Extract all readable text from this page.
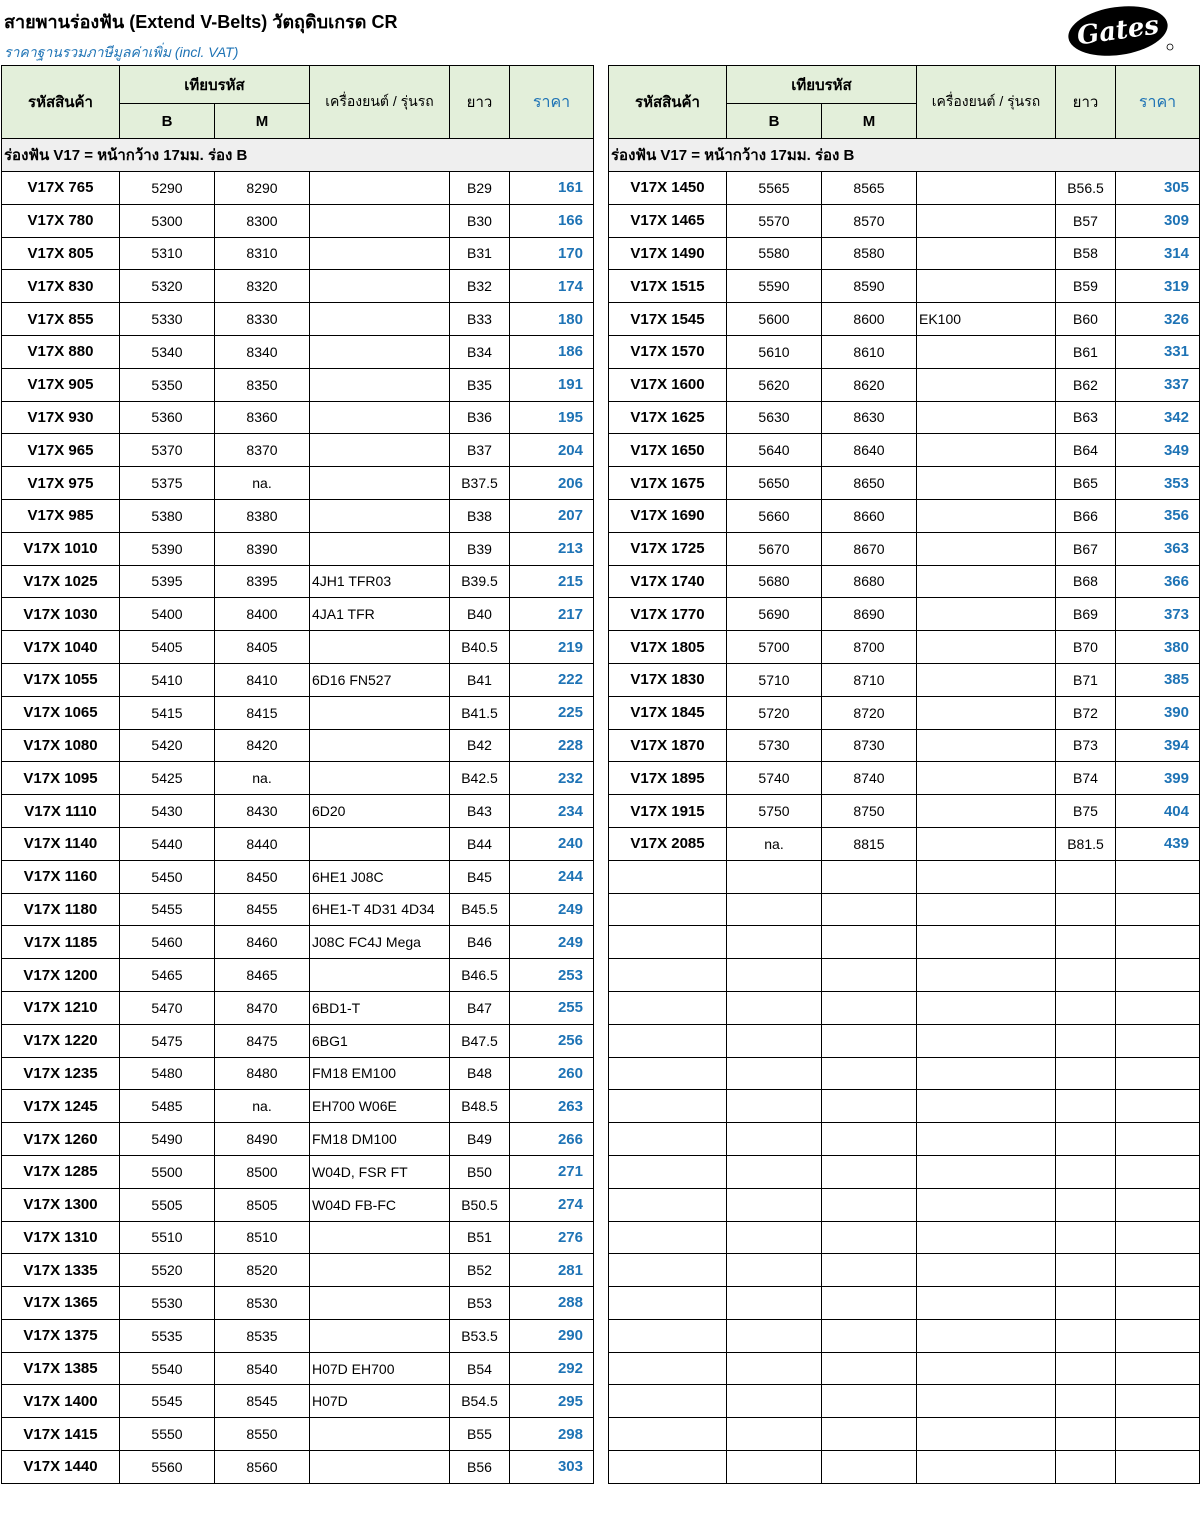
สายพานร่องฟัน (Extend V-Belts) วัตถุดิบเกรด CR
ราคาฐานรวมภาษีมูลค่าเพิ่ม (incl. VAT)
Gates
รหัสสินค้า	เทียบรหัส		เครื่องยนต์ / รุ่นรถ	ยาว	ราคา
	B	M			
ร่องฟัน V17 = หน้ากว้าง 17มม. ร่อง B					
V17X 765	5290	8290		B29	161
V17X 780	5300	8300		B30	166
V17X 805	5310	8310		B31	170
V17X 830	5320	8320		B32	174
V17X 855	5330	8330		B33	180
V17X 880	5340	8340		B34	186
V17X 905	5350	8350		B35	191
V17X 930	5360	8360		B36	195
V17X 965	5370	8370		B37	204
V17X 975	5375	na.		B37.5	206
V17X 985	5380	8380		B38	207
V17X 1010	5390	8390		B39	213
V17X 1025	5395	8395	4JH1 TFR03	B39.5	215
V17X 1030	5400	8400	4JA1 TFR	B40	217
V17X 1040	5405	8405		B40.5	219
V17X 1055	5410	8410	6D16 FN527	B41	222
V17X 1065	5415	8415		B41.5	225
V17X 1080	5420	8420		B42	228
V17X 1095	5425	na.		B42.5	232
V17X 1110	5430	8430	6D20	B43	234
V17X 1140	5440	8440		B44	240
V17X 1160	5450	8450	6HE1 J08C	B45	244
V17X 1180	5455	8455	6HE1-T 4D31 4D34	B45.5	249
V17X 1185	5460	8460	J08C FC4J Mega	B46	249
V17X 1200	5465	8465		B46.5	253
V17X 1210	5470	8470	6BD1-T	B47	255
V17X 1220	5475	8475	6BG1	B47.5	256
V17X 1235	5480	8480	FM18 EM100	B48	260
V17X 1245	5485	na.	EH700 W06E	B48.5	263
V17X 1260	5490	8490	FM18 DM100	B49	266
V17X 1285	5500	8500	W04D, FSR FT	B50	271
V17X 1300	5505	8505	W04D FB-FC	B50.5	274
V17X 1310	5510	8510		B51	276
V17X 1335	5520	8520		B52	281
V17X 1365	5530	8530		B53	288
V17X 1375	5535	8535		B53.5	290
V17X 1385	5540	8540	H07D EH700	B54	292
V17X 1400	5545	8545	H07D	B54.5	295
V17X 1415	5550	8550		B55	298
V17X 1440	5560	8560		B56	303
รหัสสินค้า	เทียบรหัส		เครื่องยนต์ / รุ่นรถ	ยาว	ราคา
	B	M			
ร่องฟัน V17 = หน้ากว้าง 17มม. ร่อง B					
V17X 1450	5565	8565		B56.5	305
V17X 1465	5570	8570		B57	309
V17X 1490	5580	8580		B58	314
V17X 1515	5590	8590		B59	319
V17X 1545	5600	8600	EK100	B60	326
V17X 1570	5610	8610		B61	331
V17X 1600	5620	8620		B62	337
V17X 1625	5630	8630		B63	342
V17X 1650	5640	8640		B64	349
V17X 1675	5650	8650		B65	353
V17X 1690	5660	8660		B66	356
V17X 1725	5670	8670		B67	363
V17X 1740	5680	8680		B68	366
V17X 1770	5690	8690		B69	373
V17X 1805	5700	8700		B70	380
V17X 1830	5710	8710		B71	385
V17X 1845	5720	8720		B72	390
V17X 1870	5730	8730		B73	394
V17X 1895	5740	8740		B74	399
V17X 1915	5750	8750		B75	404
V17X 2085	na.	8815		B81.5	439
